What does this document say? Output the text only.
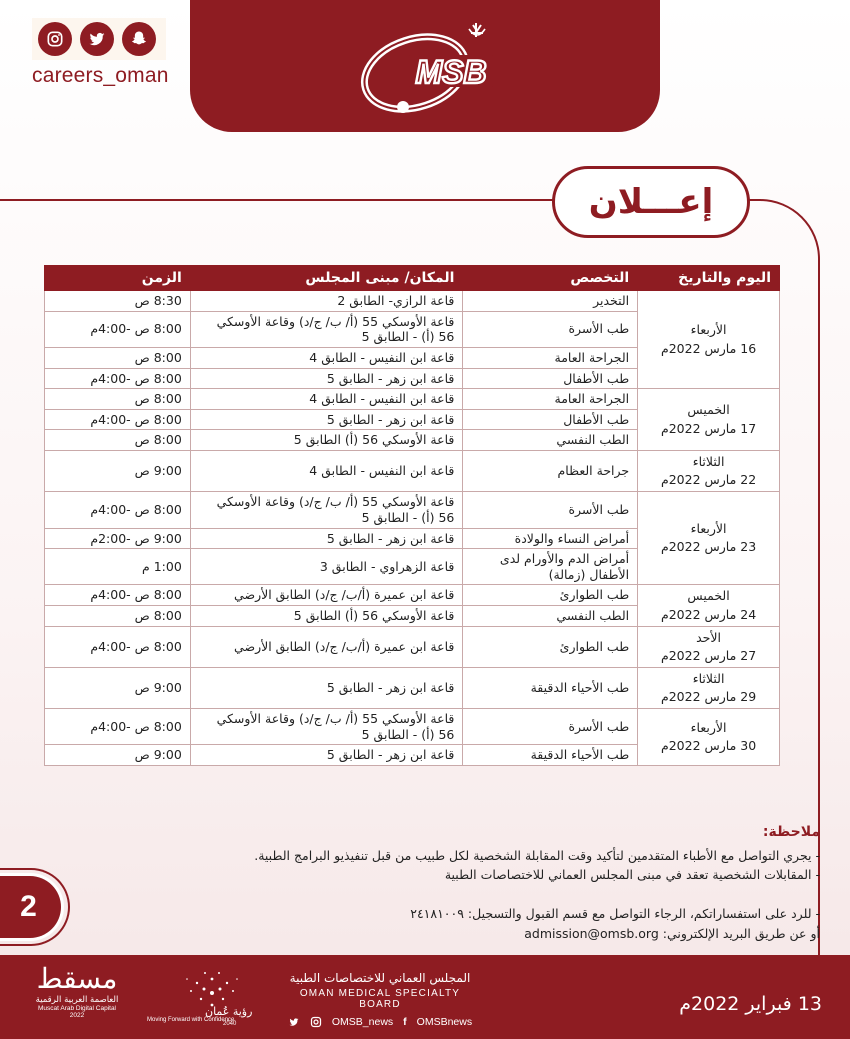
careers_oman	MSB
إعـــلان
اليوم والتاريخ	التخصص	المكان/ مبنى المجلس	الزمن

الأربعاء
16 مارس 2022م	التخدير	قاعة الرازي- الطابق 2	8:30 ص
	طب الأسرة	قاعة الأوسكي 55 (أ/ ب/ ج/د) وقاعة الأوسكي 56 (أ) - الطابق 5	8:00 ص -4:00م
	الجراحة العامة	قاعة ابن النفيس - الطابق 4	8:00 ص
	طب الأطفال	قاعة ابن زهر - الطابق 5	8:00 ص -4:00م

الخميس
17 مارس 2022م	الجراحة العامة	قاعة ابن النفيس - الطابق 4	8:00 ص
	طب الأطفال	قاعة ابن زهر - الطابق 5	8:00 ص -4:00م
	الطب النفسي	قاعة الأوسكي 56 (أ) الطابق 5	8:00 ص

الثلاثاء
22 مارس 2022م	جراحة العظام	قاعة ابن النفيس - الطابق 4	9:00 ص

الأربعاء
23 مارس 2022م	طب الأسرة	قاعة الأوسكي 55 (أ/ ب/ ج/د) وقاعة الأوسكي 56 (أ) - الطابق 5	8:00 ص -4:00م
	أمراض النساء والولادة	قاعة ابن زهر - الطابق 5	9:00 ص -2:00م
	أمراض الدم والأورام لدى الأطفال (زمالة)	قاعة الزهراوي - الطابق 3	1:00 م

الخميس
24 مارس 2022م	طب الطوارئ	قاعة ابن عميرة (أ/ب/ ج/د) الطابق الأرضي	8:00 ص -4:00م
	الطب النفسي	قاعة الأوسكي 56 (أ) الطابق 5	8:00 ص

الأحد
27 مارس 2022م	طب الطوارئ	قاعة ابن عميرة (أ/ب/ ج/د) الطابق الأرضي	8:00 ص -4:00م

الثلاثاء
29 مارس 2022م	طب الأحياء الدقيقة	قاعة ابن زهر - الطابق 5	9:00 ص

الأربعاء
30 مارس 2022م	طب الأسرة	قاعة الأوسكي 55 (أ/ ب/ ج/د) وقاعة الأوسكي 56 (أ) - الطابق 5	8:00 ص -4:00م
	طب الأحياء الدقيقة	قاعة ابن زهر - الطابق 5	9:00 ص
ملاحظة:
- يجري التواصل مع الأطباء المتقدمين لتأكيد وقت المقابلة الشخصية لكل طبيب من قبل تنفيذيو البرامج الطبية.
- المقابلات الشخصية تعقد في مبنى المجلس العماني للاختصاصات الطبية
- للرد على استفساراتكم، الرجاء التواصل مع قسم القبول والتسجيل: ٢٤١٨١٠٠٩
أو عن طريق البريد الإلكتروني: admission@omsb.org
2
مسقط
العاصمة العربية الرقمية
Muscat Arab Digital Capital
2022	رؤية عُمان
2040
Moving Forward with Confidence
المجلس العماني للاختصاصات الطبية
OMAN MEDICAL SPECIALTY BOARD
OMSB_news f OMSBnews
13 فبراير 2022م
